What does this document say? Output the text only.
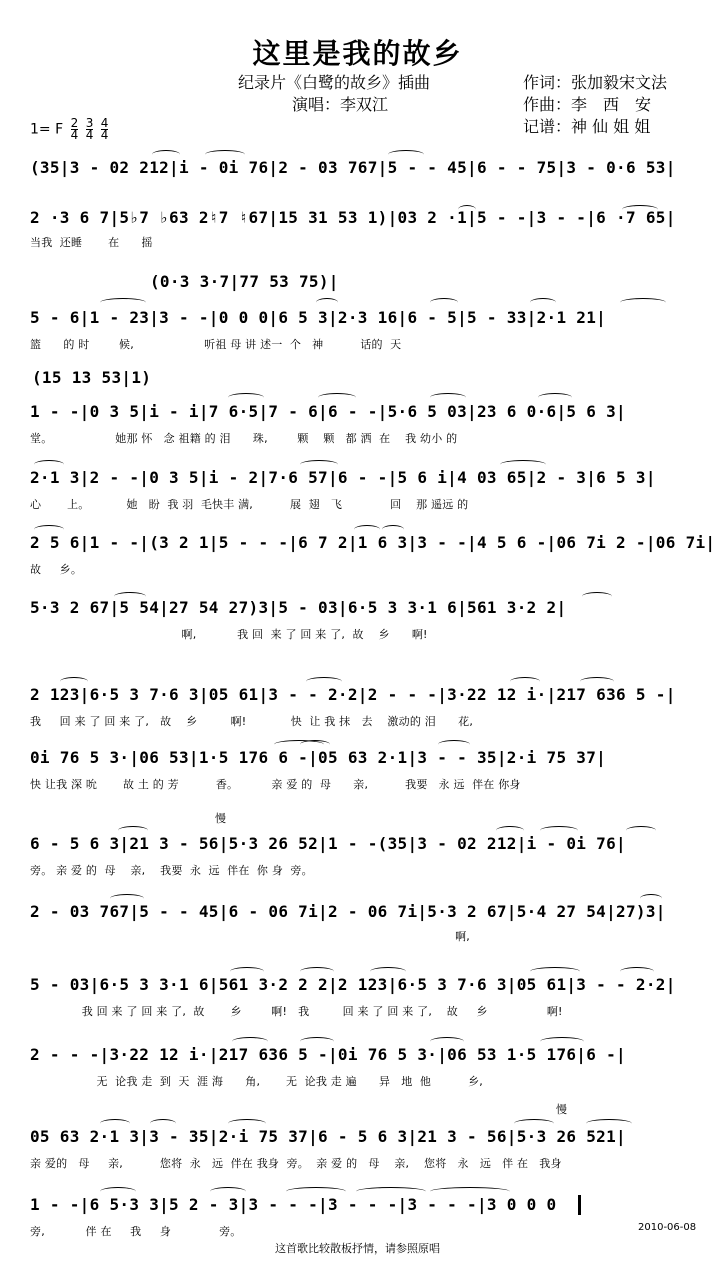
这里是我的故乡
纪录片《白鹭的故乡》插曲
演唱：李双江
作词：张加毅宋文法
作曲：李　西　安
记谱：神 仙 姐 姐
1= F $\frac{2}{4}$
$\frac{3}{4}$
$\frac{4}{4}$
(35|3 - 02 212|i - 0i 76|2 - 03 767|5 - - 45|6 - - 75|3 - 0·6 53|
2 ·3 6 7|5♭7 ♭63 2♮7 ♮67|15 31 53 1)|03 2 ·1|5 - -|3 - -|6 ·7 65|
当我  还睡       在      摇
(0·3 3·7|77 53 75)|
5 - 6|1 - 23|3 - -|0 0 0|6 5 3|2·3 16|6 - 5|5 - 33|2·1 21|
篮      的 时        候,                   听祖 母 讲 述一  个   神          话的  天
(15 13 53|1)
1 - -|0 3 5|i - i|7 6·5|7 - 6|6 - -|5·6 5 03|23 6 0·6|5 6 3|
堂。                 她那 怀   念 祖籍 的 泪      珠,        颗    颗   都 洒  在    我 幼小 的
2·1 3|2 - -|0 3 5|i - 2|7·6 57|6 - -|5 6 i|4 03 65|2 - 3|6 5 3|
心       上。          她   盼  我 羽  毛快丰 满,          展  翅   飞             回    那 遥远 的
2 5 6|1 - -|(3 2 1|5 - - -|6 7 2|1 6 3|3 - -|4 5 6 -|06 7i 2 -|06 7i|
故     乡。
5·3 2 67|5 54|27 54 27)3|5 - 03|6·5 3 3·1 6|561 3·2 2|
啊,           我 回  来 了 回 来 了,  故    乡      啊!
2 123|6·5 3 7·6 3|05 61|3 - - 2·2|2 - - -|3·22 12 i·|217 636 5 -|
我     回 来 了 回 来 了,   故    乡         啊!            快  让 我 抹   去    激动的 泪      花,
0i 76 5 3·|06 53|1·5 176 6 -|05 63 2·1|3 - - 35|2·i 75 37|
快 让我 深 吮       故 土 的 芳          香。         亲 爱 的  母      亲,          我要   永 远  伴在 你身
6 - 5 6 3|21 3 - 56|5·3 26 52|1 - -(35|3 - 02 212|i - 0i 76|
旁。 亲 爱 的  母    亲,    我要  永  远  伴在  你 身  旁。
2 - 03 767|5 - - 45|6 - 06 7i|2 - 06 7i|5·3 2 67|5·4 27 54|27)3|
啊,
5 - 03|6·5 3 3·1 6|561 3·2 2 2|2 123|6·5 3 7·6 3|05 61|3 - - 2·2|
我 回 来 了 回 来 了,  故       乡        啊!   我         回 来 了 回 来 了,    故     乡                啊!
2 - - -|3·22 12 i·|217 636 5 -|0i 76 5 3·|06 53 1·5 176|6 -|
无  论我 走  到  天  涯 海      角,       无  论我 走 遍      异   地  他          乡,
05 63 2·1 3|3 - 35|2·i 75 37|6 - 5 6 3|21 3 - 56|5·3 26 521|
亲 爱的   母     亲,          您将  永   远  伴在 我身  旁。  亲 爱 的   母    亲,    您将   永   远   伴 在   我身
1 - -|6 5·3 3|5 2 - 3|3 - - -|3 - - -|3 - - -|3 0 0 0
旁,           伴 在     我     身             旁。
慢
慢
2010-06-08
这首歌比较散板抒情，请参照原唱
